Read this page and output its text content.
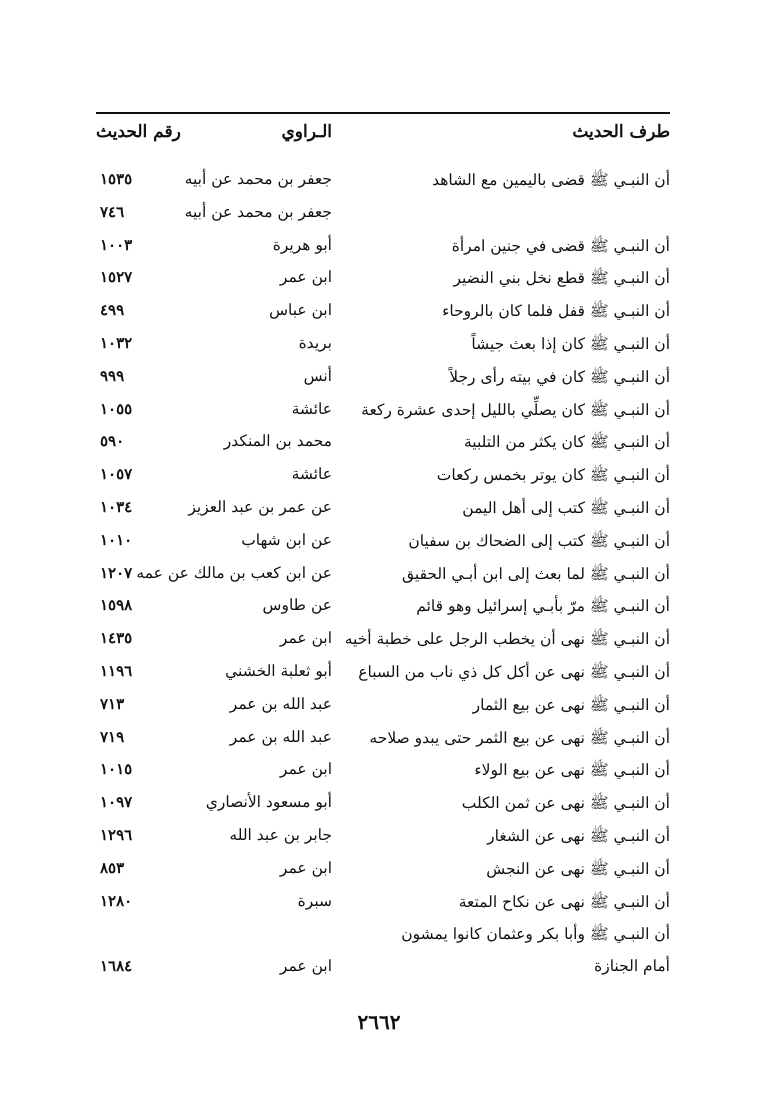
طرف الحديث
الـراوي
رقم الحديث
أن النبـي ﷺ قضى باليمين مع الشاهد
جعفر بن محمد عن أبيه
١٥٣٥
جعفر بن محمد عن أبيه
٧٤٦
أن النبـي ﷺ قضى في جنين امرأة
أبو هريرة
١٠٠٣
أن النبـي ﷺ قطع نخل بني النضير
ابن عمر
١٥٢٧
أن النبـي ﷺ قفل فلما كان بالروحاء
ابن عباس
٤٩٩
أن النبـي ﷺ كان إذا بعث جيشاً
بريدة
١٠٣٢
أن النبـي ﷺ كان في بيته رأى رجلاً
أنس
٩٩٩
أن النبـي ﷺ كان يصلِّي بالليل إحدى عشرة ركعة
عائشة
١٠٥٥
أن النبـي ﷺ كان يكثر من التلبية
محمد بن المنكدر
٥٩٠
أن النبـي ﷺ كان يوتر بخمس ركعات
عائشة
١٠٥٧
أن النبـي ﷺ كتب إلى أهل اليمن
عن عمر بن عبد العزيز
١٠٣٤
أن النبـي ﷺ كتب إلى الضحاك بن سفيان
عن ابن شهاب
١٠١٠
أن النبـي ﷺ لما بعث إلى ابن أبـي الحقيق
عن ابن كعب بن مالك عن عمه
١٢٠٧
أن النبـي ﷺ مرّ بأبـي إسرائيل وهو قائم
عن طاوس
١٥٩٨
أن النبـي ﷺ نهى أن يخطب الرجل على خطبة أخيه
ابن عمر
١٤٣٥
أن النبـي ﷺ نهى عن أكل كل ذي ناب من السباع
أبو ثعلبة الخشني
١١٩٦
أن النبـي ﷺ نهى عن بيع الثمار
عبد الله بن عمر
٧١٣
أن النبـي ﷺ نهى عن بيع الثمر حتى يبدو صلاحه
عبد الله بن عمر
٧١٩
أن النبـي ﷺ نهى عن بيع الولاء
ابن عمر
١٠١٥
أن النبـي ﷺ نهى عن ثمن الكلب
أبو مسعود الأنصاري
١٠٩٧
أن النبـي ﷺ نهى عن الشغار
جابر بن عبد الله
١٢٩٦
أن النبـي ﷺ نهى عن النجش
ابن عمر
٨٥٣
أن النبـي ﷺ نهى عن نكاح المتعة
سبرة
١٢٨٠
أن النبـي ﷺ وأبا بكر وعثمان كانوا يمشون
أمام الجنازة
ابن عمر
١٦٨٤
٢٦٦٢
